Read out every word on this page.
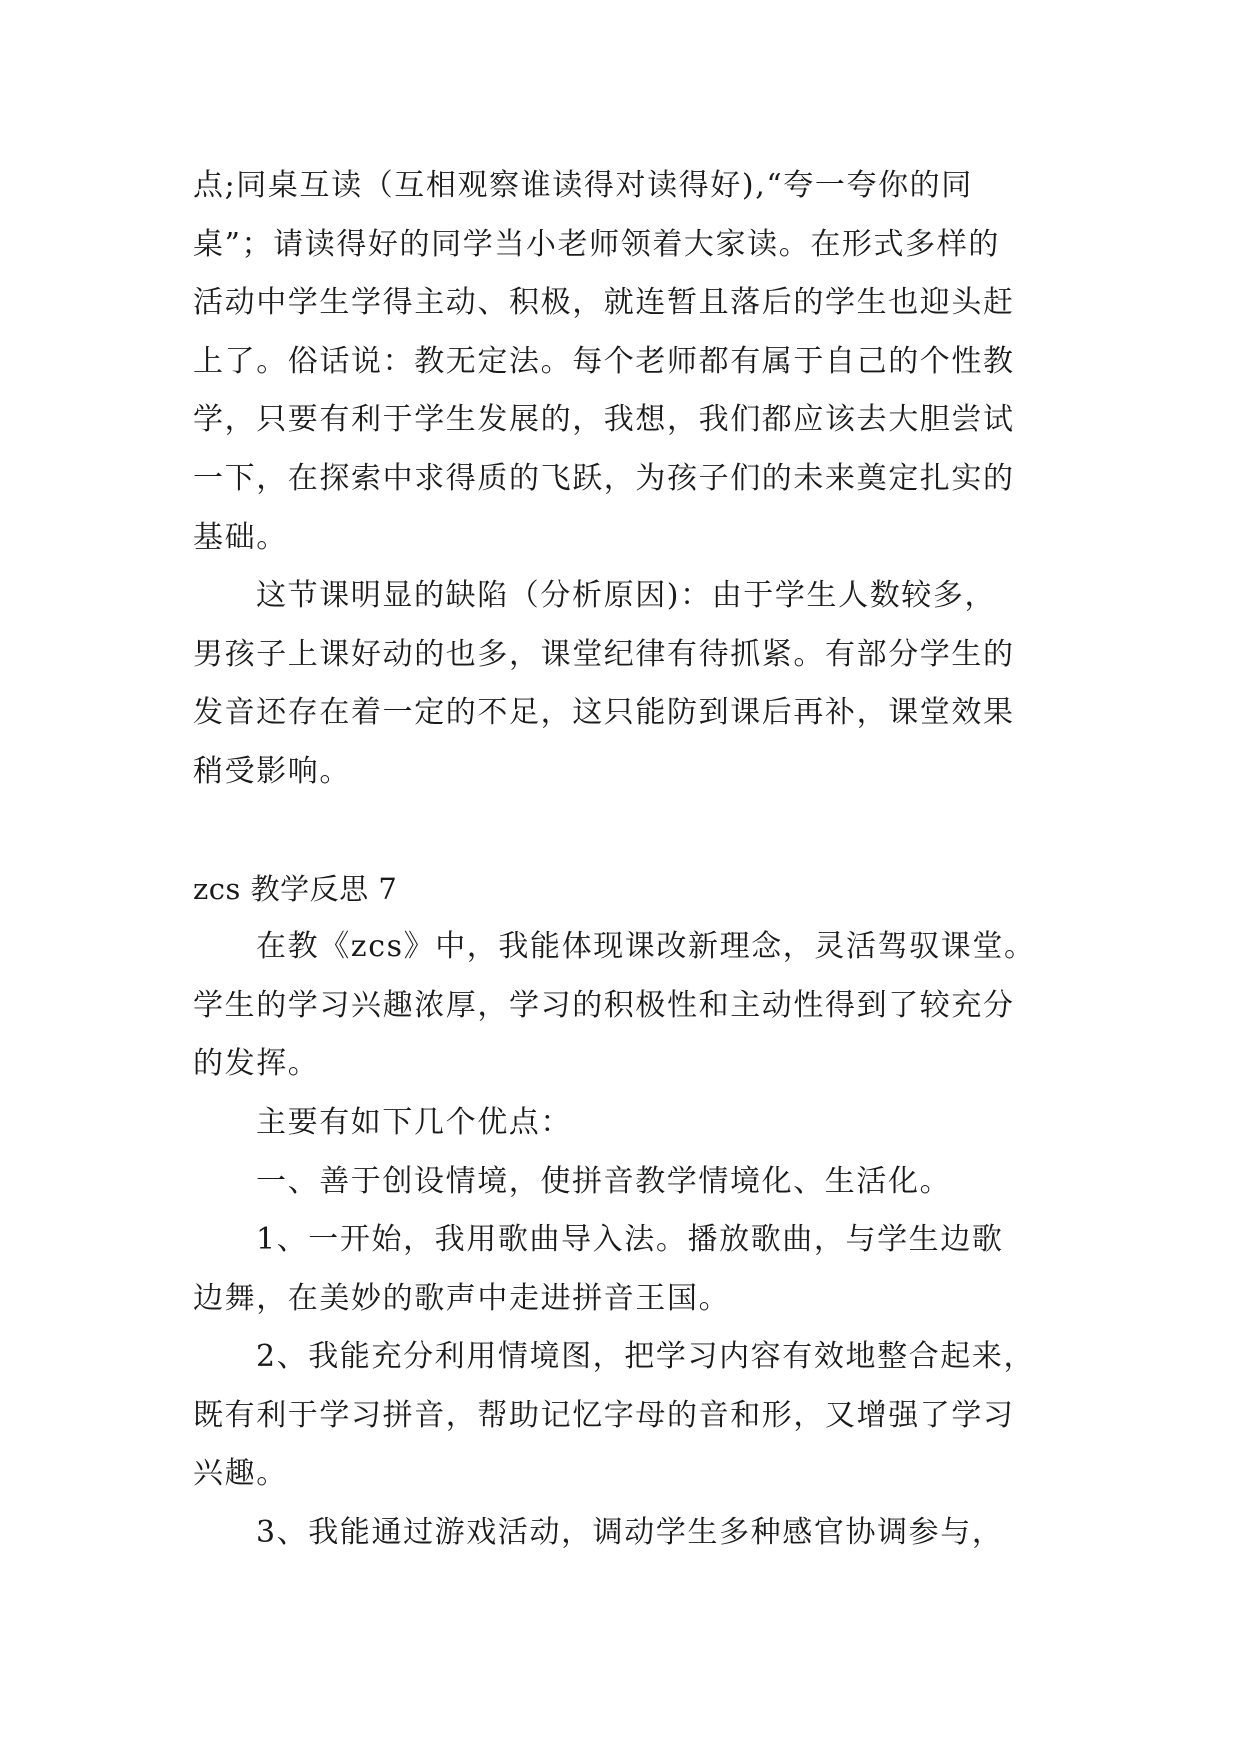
点;同桌互读（互相观察谁读得对读得好),“夸一夸你的同
桌”；请读得好的同学当小老师领着大家读。在形式多样的
活动中学生学得主动、积极，就连暂且落后的学生也迎头赶
上了。俗话说：教无定法。每个老师都有属于自己的个性教
学，只要有利于学生发展的，我想，我们都应该去大胆尝试
一下，在探索中求得质的飞跃，为孩子们的未来奠定扎实的
基础。
这节课明显的缺陷（分析原因)：由于学生人数较多，
男孩子上课好动的也多，课堂纪律有待抓紧。有部分学生的
发音还存在着一定的不足，这只能防到课后再补，课堂效果
稍受影响。
zcs 教学反思 7
在教《zcs》中，我能体现课改新理念，灵活驾驭课堂。
学生的学习兴趣浓厚，学习的积极性和主动性得到了较充分
的发挥。
主要有如下几个优点：
一、善于创设情境，使拼音教学情境化、生活化。
1、一开始，我用歌曲导入法。播放歌曲，与学生边歌
边舞，在美妙的歌声中走进拼音王国。
2、我能充分利用情境图，把学习内容有效地整合起来，
既有利于学习拼音，帮助记忆字母的音和形，又增强了学习
兴趣。
3、我能通过游戏活动，调动学生多种感官协调参与，
